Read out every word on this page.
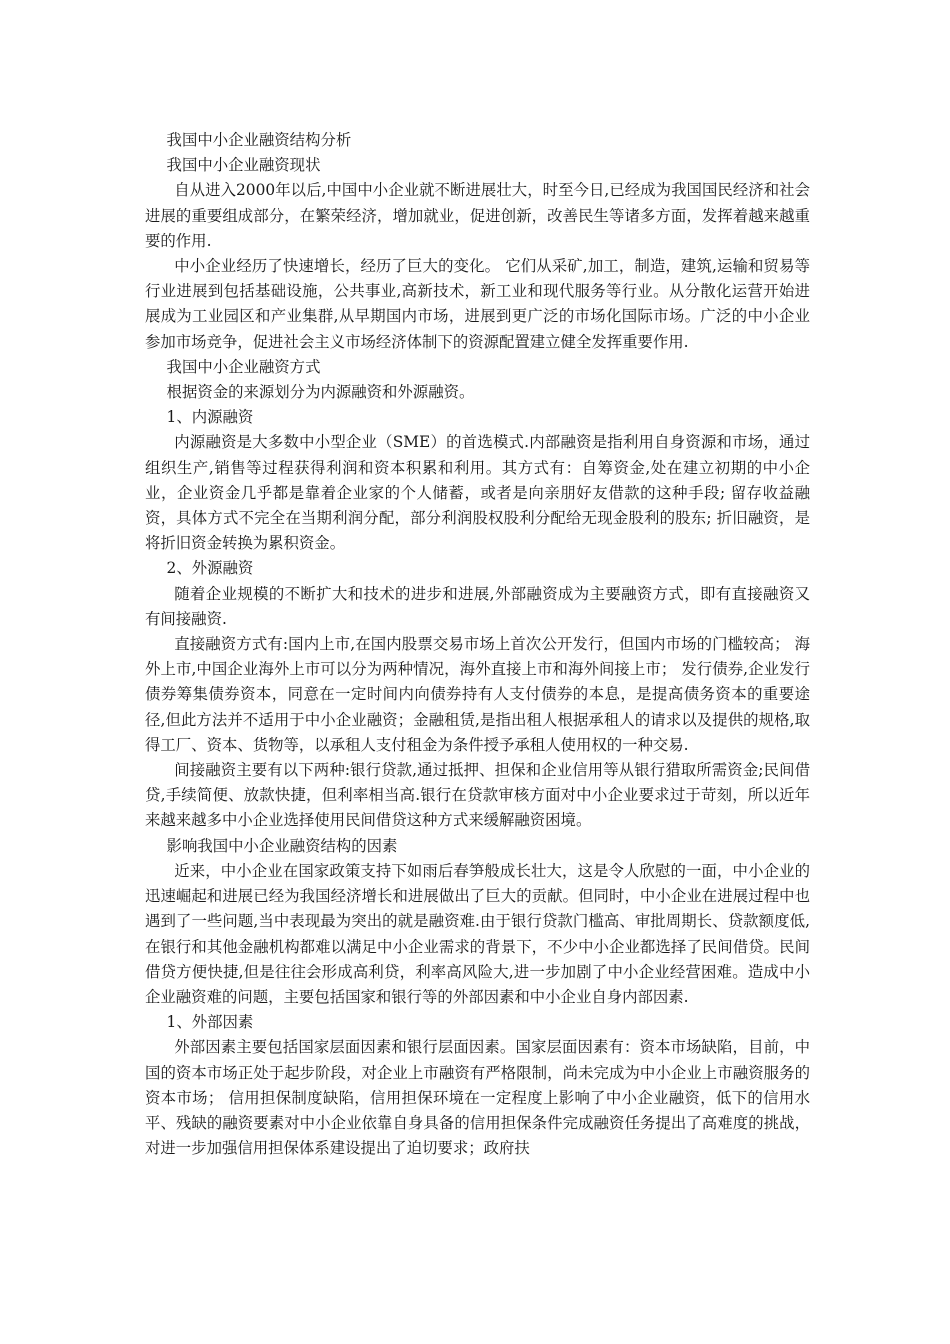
我国中小企业融资结构分析

我国中小企业融资现状

自从进入2000年以后,中国中小企业就不断进展壮大，时至今日,已经成为我国国民经济和社会进展的重要组成部分，在繁荣经济，增加就业，促进创新，改善民生等诸多方面，发挥着越来越重要的作用.

中小企业经历了快速增长，经历了巨大的变化。 它们从采矿,加工，制造，建筑,运输和贸易等行业进展到包括基础设施，公共事业,高新技术，新工业和现代服务等行业。从分散化运营开始进展成为工业园区和产业集群,从早期国内市场，进展到更广泛的市场化国际市场。广泛的中小企业参加市场竞争，促进社会主义市场经济体制下的资源配置建立健全发挥重要作用.

我国中小企业融资方式

根据资金的来源划分为内源融资和外源融资。

1、内源融资

内源融资是大多数中小型企业（SME）的首选模式.内部融资是指利用自身资源和市场，通过组织生产,销售等过程获得利润和资本积累和利用。其方式有：自筹资金,处在建立初期的中小企业，企业资金几乎都是靠着企业家的个人储蓄，或者是向亲朋好友借款的这种手段; 留存收益融资，具体方式不完全在当期利润分配，部分利润股权股利分配给无现金股利的股东; 折旧融资，是将折旧资金转换为累积资金。

2、外源融资

随着企业规模的不断扩大和技术的进步和进展,外部融资成为主要融资方式，即有直接融资又有间接融资.

直接融资方式有:国内上市,在国内股票交易市场上首次公开发行，但国内市场的门槛较高； 海外上市,中国企业海外上市可以分为两种情况，海外直接上市和海外间接上市； 发行债券,企业发行债券筹集债券资本，同意在一定时间内向债券持有人支付债券的本息，是提高债务资本的重要途径,但此方法并不适用于中小企业融资；金融租赁,是指出租人根据承租人的请求以及提供的规格,取得工厂、资本、货物等，以承租人支付租金为条件授予承租人使用权的一种交易.

间接融资主要有以下两种:银行贷款,通过抵押、担保和企业信用等从银行猎取所需资金;民间借贷,手续简便、放款快捷，但利率相当高.银行在贷款审核方面对中小企业要求过于苛刻，所以近年来越来越多中小企业选择使用民间借贷这种方式来缓解融资困境。

影响我国中小企业融资结构的因素

近来，中小企业在国家政策支持下如雨后春笋般成长壮大，这是令人欣慰的一面，中小企业的迅速崛起和进展已经为我国经济增长和进展做出了巨大的贡献。但同时，中小企业在进展过程中也遇到了一些问题,当中表现最为突出的就是融资难.由于银行贷款门槛高、审批周期长、贷款额度低,在银行和其他金融机构都难以满足中小企业需求的背景下，不少中小企业都选择了民间借贷。民间借贷方便快捷,但是往往会形成高利贷，利率高风险大,进一步加剧了中小企业经营困难。造成中小企业融资难的问题，主要包括国家和银行等的外部因素和中小企业自身内部因素.

1、外部因素

外部因素主要包括国家层面因素和银行层面因素。国家层面因素有：资本市场缺陷，目前，中国的资本市场正处于起步阶段，对企业上市融资有严格限制，尚未完成为中小企业上市融资服务的资本市场； 信用担保制度缺陷，信用担保环境在一定程度上影响了中小企业融资，低下的信用水平、残缺的融资要素对中小企业依靠自身具备的信用担保条件完成融资任务提出了高难度的挑战，对进一步加强信用担保体系建设提出了迫切要求；政府扶
